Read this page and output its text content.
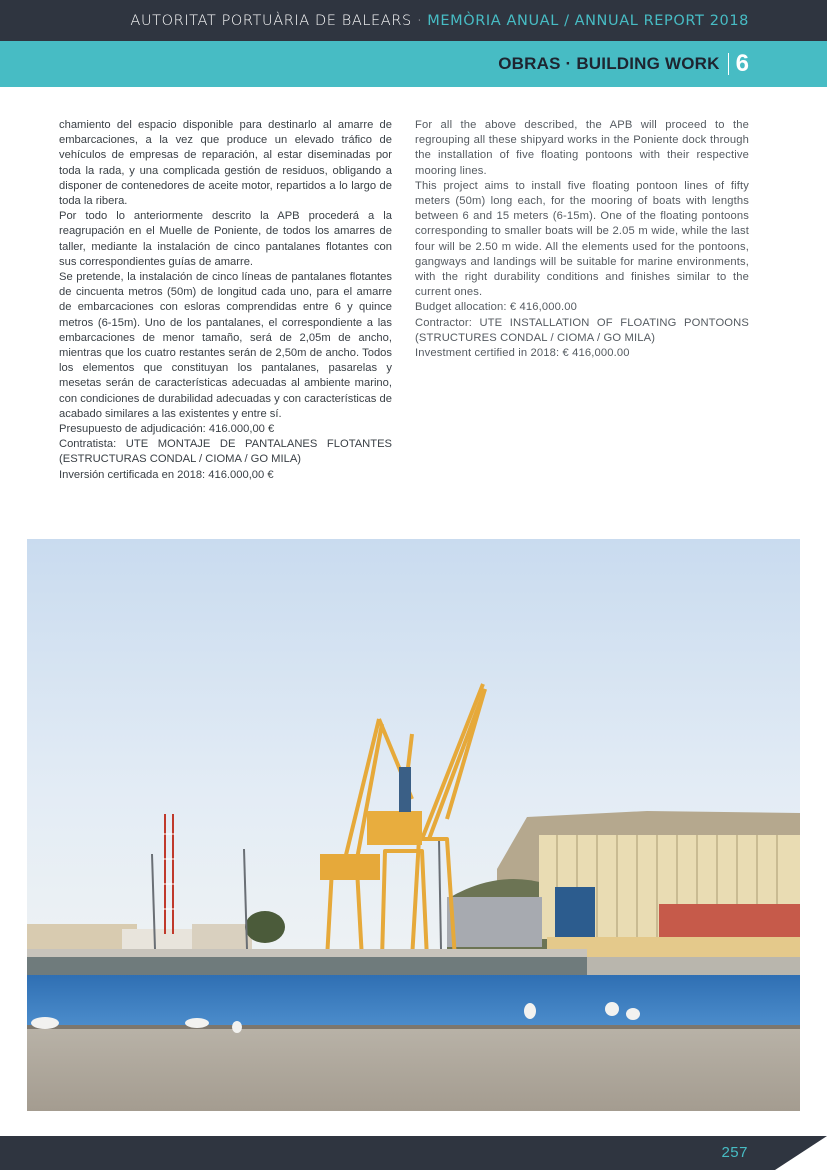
AUTORITAT PORTUÀRIA DE BALEARS · MEMÒRIA ANUAL / ANNUAL REPORT 2018
OBRAS · BUILDING WORK 6

chamiento del espacio disponible para destinarlo al amarre de embarcaciones, a la vez que produce un elevado tráfico de vehículos de empresas de reparación, al estar diseminadas por toda la rada, y una complicada gestión de residuos, obligando a disponer de contenedores de aceite motor, repartidos a lo largo de toda la ribera.

Por todo lo anteriormente descrito la APB procederá a la reagrupación en el Muelle de Poniente, de todos los amarres de taller, mediante la instalación de cinco pantalanes flotantes con sus correspondientes guías de amarre.

Se pretende, la instalación de cinco líneas de pantalanes flotantes de cincuenta metros (50m) de longitud cada uno, para el amarre de embarcaciones con esloras comprendidas entre 6 y quince metros (6-15m). Uno de los pantalanes, el correspondiente a las embarcaciones de menor tamaño, será de 2,05m de ancho, mientras que los cuatro restantes serán de 2,50m de ancho. Todos los elementos que constituyan los pantalanes, pasarelas y mesetas serán de características adecuadas al ambiente marino, con condiciones de durabilidad adecuadas y con características de acabado similares a las existentes y entre sí.

Presupuesto de adjudicación: 416.000,00 €

Contratista: UTE MONTAJE DE PANTALANES FLOTANTES (ESTRUCTURAS CONDAL / CIOMA / GO MILA)

Inversión certificada en 2018: 416.000,00 €

For all the above described, the APB will proceed to the regrouping all these shipyard works in the Poniente dock through the installation of five floating pontoons with their respective mooring lines.

This project aims to install five floating pontoon lines of fifty meters (50m) long each, for the mooring of boats with lengths between 6 and 15 meters (6-15m). One of the floating pontoons corresponding to smaller boats will be 2.05 m wide, while the last four will be 2.50 m wide. All the elements used for the pontoons, gangways and landings will be suitable for marine environments, with the right durability conditions and finishes similar to the current ones.

Budget allocation: € 416,000.00

Contractor: UTE INSTALLATION OF FLOATING PONTOONS (STRUCTURES CONDAL / CIOMA / GO MILA)

Investment certified in 2018: € 416,000.00

257
